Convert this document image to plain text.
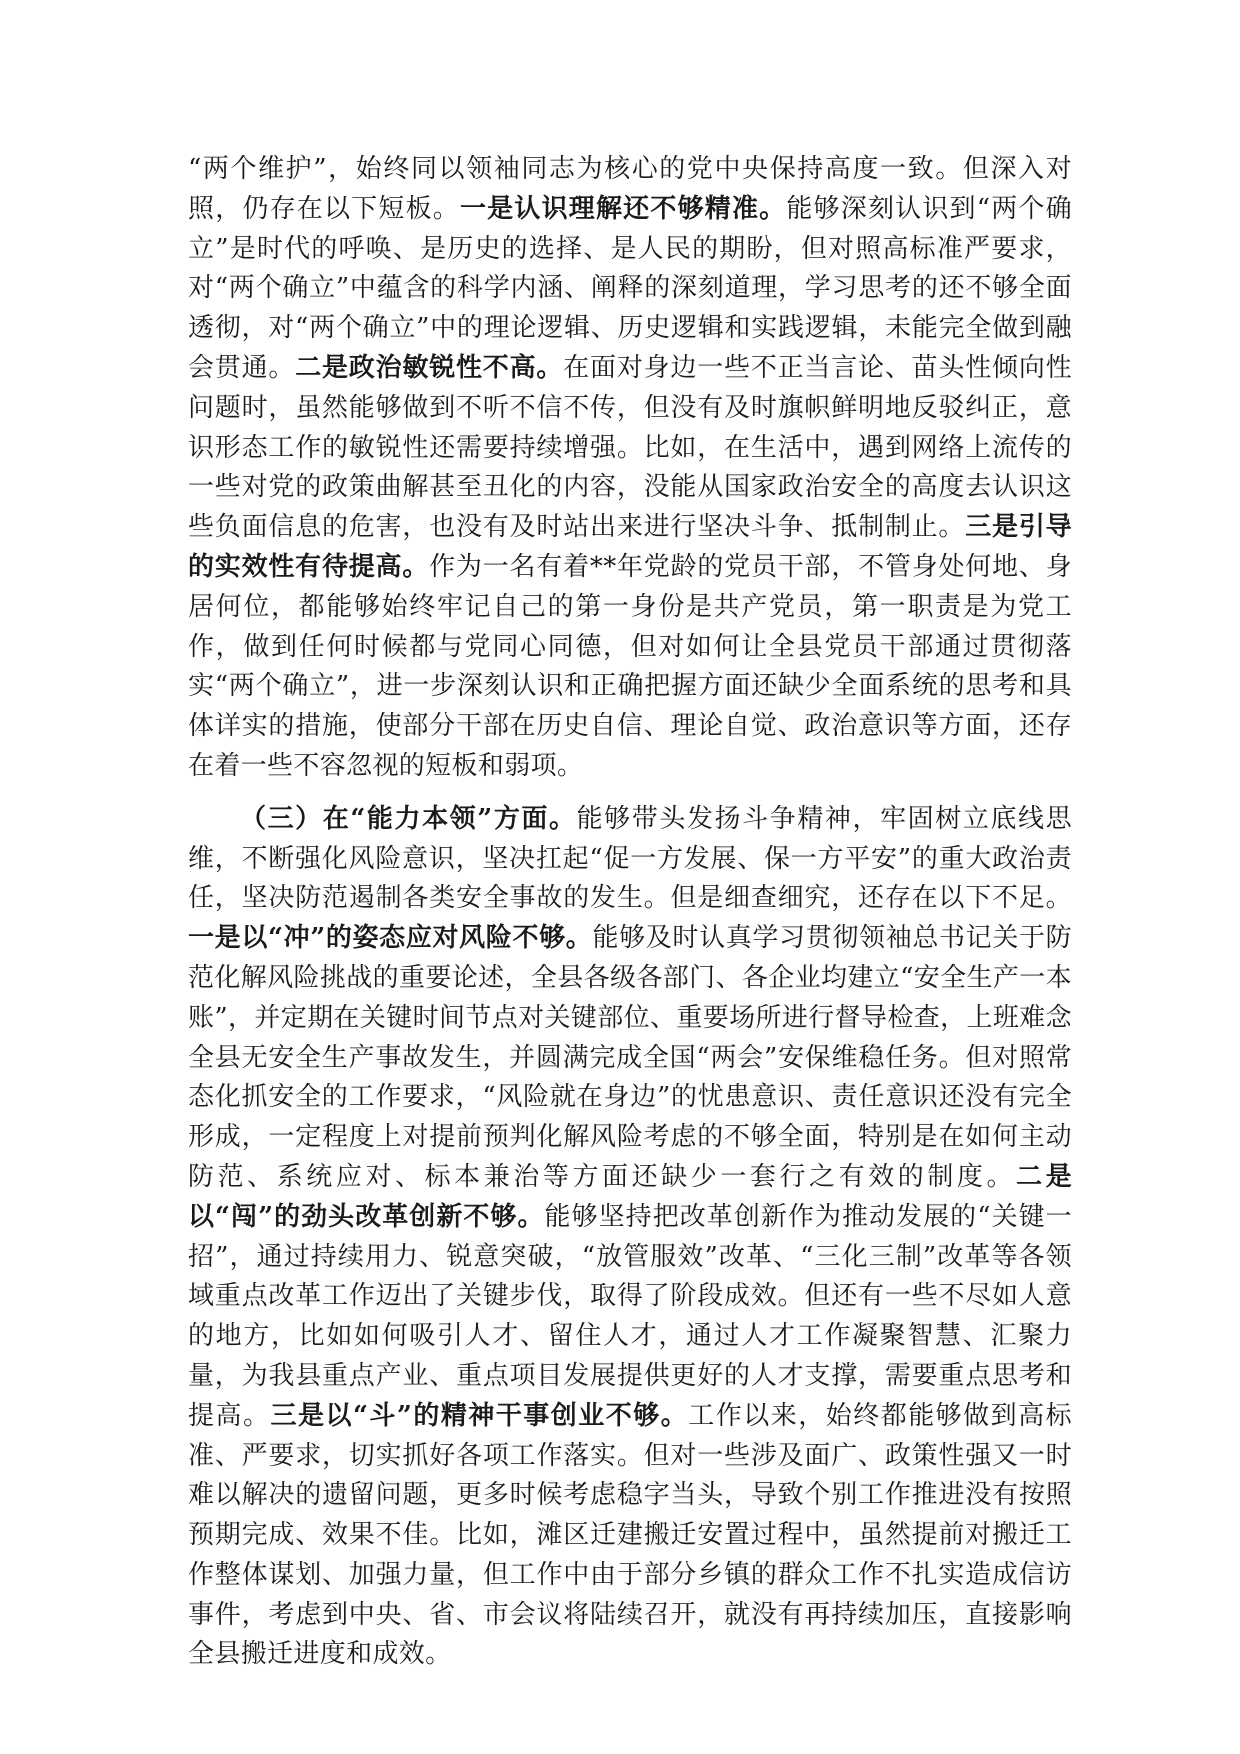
“两个维护”，始终同以领袖同志为核心的党中央保持高度一致。但深入对照，仍存在以下短板。一是认识理解还不够精准。能够深刻认识到“两个确立”是时代的呼唤、是历史的选择、是人民的期盼，但对照高标准严要求，对“两个确立”中蕴含的科学内涵、阐释的深刻道理，学习思考的还不够全面透彻，对“两个确立”中的理论逻辑、历史逻辑和实践逻辑，未能完全做到融会贯通。二是政治敏锐性不高。在面对身边一些不正当言论、苗头性倾向性问题时，虽然能够做到不听不信不传，但没有及时旗帜鲜明地反驳纠正，意识形态工作的敏锐性还需要持续增强。比如，在生活中，遇到网络上流传的一些对党的政策曲解甚至丑化的内容，没能从国家政治安全的高度去认识这些负面信息的危害，也没有及时站出来进行坚决斗争、抵制制止。三是引导的实效性有待提高。作为一名有着**年党龄的党员干部，不管身处何地、身居何位，都能够始终牢记自己的第一身份是共产党员，第一职责是为党工作，做到任何时候都与党同心同德，但对如何让全县党员干部通过贯彻落实“两个确立”，进一步深刻认识和正确把握方面还缺少全面系统的思考和具体详实的措施，使部分干部在历史自信、理论自觉、政治意识等方面，还存在着一些不容忽视的短板和弱项。

（三）在“能力本领”方面。能够带头发扬斗争精神，牢固树立底线思维，不断强化风险意识，坚决扛起“促一方发展、保一方平安”的重大政治责任，坚决防范遏制各类安全事故的发生。但是细查细究，还存在以下不足。一是以“冲”的姿态应对风险不够。能够及时认真学习贯彻领袖总书记关于防范化解风险挑战的重要论述，全县各级各部门、各企业均建立“安全生产一本账”，并定期在关键时间节点对关键部位、重要场所进行督导检查，上班难念全县无安全生产事故发生，并圆满完成全国“两会”安保维稳任务。但对照常态化抓安全的工作要求，“风险就在身边”的忧患意识、责任意识还没有完全形成，一定程度上对提前预判化解风险考虑的不够全面，特别是在如何主动防范、系统应对、标本兼治等方面还缺少一套行之有效的制度。二是以“闯”的劲头改革创新不够。能够坚持把改革创新作为推动发展的“关键一招”，通过持续用力、锐意突破，“放管服效”改革、“三化三制”改革等各领域重点改革工作迈出了关键步伐，取得了阶段成效。但还有一些不尽如人意的地方，比如如何吸引人才、留住人才，通过人才工作凝聚智慧、汇聚力量，为我县重点产业、重点项目发展提供更好的人才支撑，需要重点思考和提高。三是以“斗”的精神干事创业不够。工作以来，始终都能够做到高标准、严要求，切实抓好各项工作落实。但对一些涉及面广、政策性强又一时难以解决的遗留问题，更多时候考虑稳字当头，导致个别工作推进没有按照预期完成、效果不佳。比如，滩区迁建搬迁安置过程中，虽然提前对搬迁工作整体谋划、加强力量，但工作中由于部分乡镇的群众工作不扎实造成信访事件，考虑到中央、省、市会议将陆续召开，就没有再持续加压，直接影响全县搬迁进度和成效。
